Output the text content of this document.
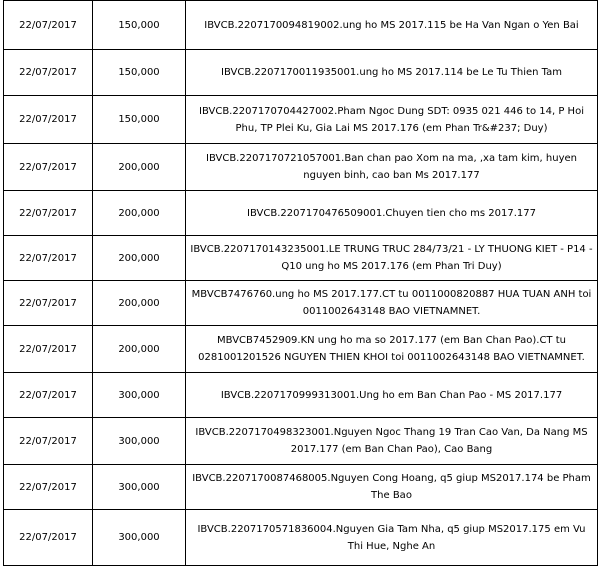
22/07/2017	150,000	IBVCB.2207170094819002.ung ho MS 2017.115 be Ha Van Ngan o Yen Bai
22/07/2017	150,000	IBVCB.2207170011935001.ung ho MS 2017.114 be Le Tu Thien Tam
22/07/2017	150,000	IBVCB.2207170704427002.Pham Ngoc Dung SDT: 0935 021 446 to 14, P Hoi Phu, TP Plei Ku, Gia Lai MS 2017.176 (em Phan Tr&#237; Duy)
22/07/2017	200,000	IBVCB.2207170721057001.Ban chan pao Xom na ma, ,xa tam kim, huyen nguyen binh, cao ban Ms 2017.177
22/07/2017	200,000	IBVCB.2207170476509001.Chuyen tien cho ms 2017.177
22/07/2017	200,000	IBVCB.2207170143235001.LE TRUNG TRUC 284/73/21 - LY THUONG KIET - P14 - Q10 ung ho MS 2017.176 (em Phan Tri Duy)
22/07/2017	200,000	MBVCB7476760.ung ho MS 2017.177.CT tu 0011000820887 HUA TUAN ANH toi 0011002643148 BAO VIETNAMNET.
22/07/2017	200,000	MBVCB7452909.KN ung ho ma so 2017.177 (em Ban Chan Pao).CT tu 0281001201526 NGUYEN THIEN KHOI toi 0011002643148 BAO VIETNAMNET.
22/07/2017	300,000	IBVCB.2207170999313001.Ung ho em Ban Chan Pao - MS 2017.177
22/07/2017	300,000	IBVCB.2207170498323001.Nguyen Ngoc Thang 19 Tran Cao Van, Da Nang MS 2017.177 (em Ban Chan Pao), Cao Bang
22/07/2017	300,000	IBVCB.2207170087468005.Nguyen Cong Hoang, q5 giup MS2017.174 be Pham The Bao
22/07/2017	300,000	IBVCB.2207170571836004.Nguyen Gia Tam Nha, q5 giup MS2017.175 em Vu Thi Hue, Nghe An
